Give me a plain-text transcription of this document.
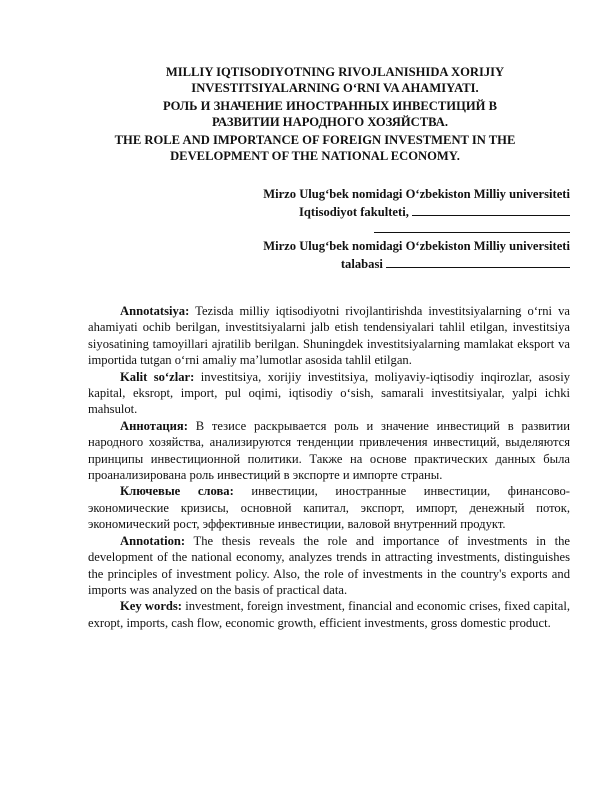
MILLIY IQTISODIYOTNING RIVOJLANISHIDA XORIJIY
INVESTITSIYALARNING O‘RNI VA AHAMIYATI.
РОЛЬ И ЗНАЧЕНИЕ ИНОСТРАННЫХ ИНВЕСТИЦИЙ В
РАЗВИТИИ НАРОДНОГО ХОЗЯЙСТВА.
THE ROLE AND IMPORTANCE OF FOREIGN INVESTMENT IN THE
DEVELOPMENT OF THE NATIONAL ECONOMY.
Mirzo Ulug‘bek nomidagi O‘zbekiston Milliy universiteti
Iqtisodiyot fakulteti,
Mirzo Ulug‘bek nomidagi O‘zbekiston Milliy universiteti
talabasi

Annotatsiya: Tezisda milliy iqtisodiyotni rivojlantirishda investitsiyalarning o‘rni va ahamiyati ochib berilgan, investitsiyalarni jalb etish tendensiyalari tahlil etilgan, investitsiya siyosatining tamoyillari ajratilib berilgan. Shuningdek investitsiyalarning mamlakat eksport va importida tutgan o‘rni amaliy ma’lumotlar asosida tahlil etilgan.

Kalit so‘zlar: investitsiya, xorijiy investitsiya, moliyaviy-iqtisodiy inqirozlar, asosiy kapital, eksropt, import, pul oqimi, iqtisodiy o‘sish, samarali investitsiyalar, yalpi ichki mahsulot.

Аннотация: В тезисе раскрывается роль и значение инвестиций в развитии народного хозяйства, анализируются тенденции привлечения инвестиций, выделяются принципы инвестиционной политики. Также на основе практических данных была проанализирована роль инвестиций в экспорте и импорте страны.

Ключевые слова: инвестиции, иностранные инвестиции, финансово-экономические кризисы, основной капитал, экспорт, импорт, денежный поток, экономический рост, эффективные инвестиции, валовой внутренний продукт.

Annotation: The thesis reveals the role and importance of investments in the development of the national economy, analyzes trends in attracting investments, distinguishes the principles of investment policy. Also, the role of investments in the country's exports and imports was analyzed on the basis of practical data.

Key words: investment, foreign investment, financial and economic crises, fixed capital, exropt, imports, cash flow, economic growth, efficient investments, gross domestic product.
